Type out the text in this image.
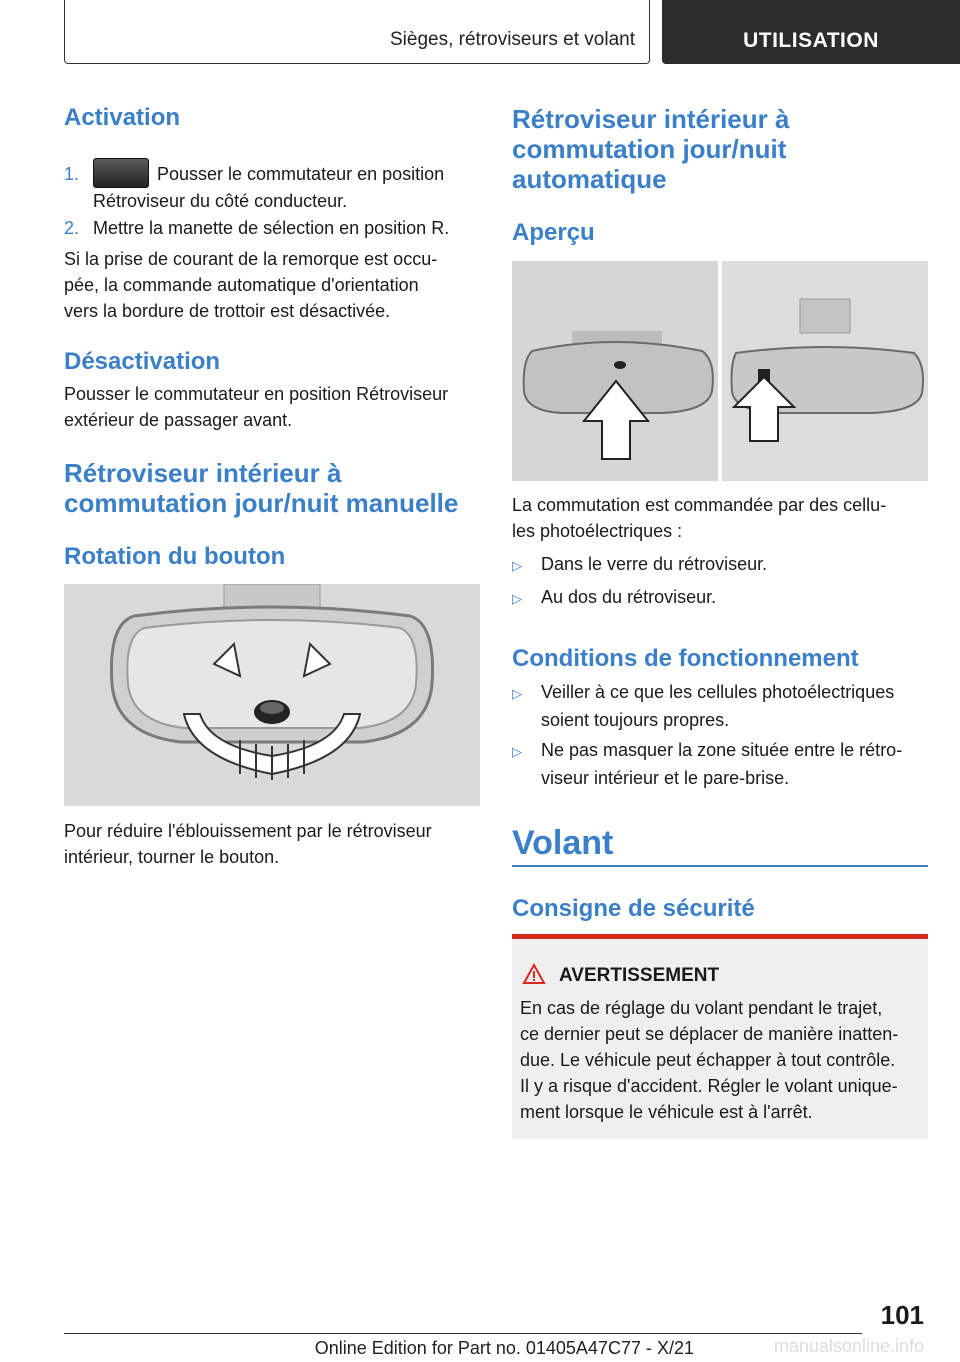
Sièges, rétroviseurs et volant	UTILISATION
Activation
1.	Pousser le commutateur en position
Rétroviseur du côté conducteur.
2. Mettre la manette de sélection en position R.
Si la prise de courant de la remorque est occu‐
pée, la commande automatique d'orientation
vers la bordure de trottoir est désactivée.
Désactivation
Pousser le commutateur en position Rétroviseur
extérieur de passager avant.
Rétroviseur intérieur à
commutation jour/nuit manuelle
Rotation du bouton
Pour réduire l'éblouissement par le rétroviseur
intérieur, tourner le bouton.
Rétroviseur intérieur à
commutation jour/nuit
automatique
Aperçu
La commutation est commandée par des cellu‐
les photoélectriques :
▷ Dans le verre du rétroviseur.
▷ Au dos du rétroviseur.
Conditions de fonctionnement
▷ Veiller à ce que les cellules photoélectriques
soient toujours propres.
▷ Ne pas masquer la zone située entre le rétro‐
viseur intérieur et le pare-brise.
Volant
Consigne de sécurité
AVERTISSEMENT
En cas de réglage du volant pendant le trajet,
ce dernier peut se déplacer de manière inatten‐
due. Le véhicule peut échapper à tout contrôle.
Il y a risque d'accident. Régler le volant unique‐
ment lorsque le véhicule est à l'arrêt.
101
manualsonline.info
Online Edition for Part no. 01405A47C77 - X/21
